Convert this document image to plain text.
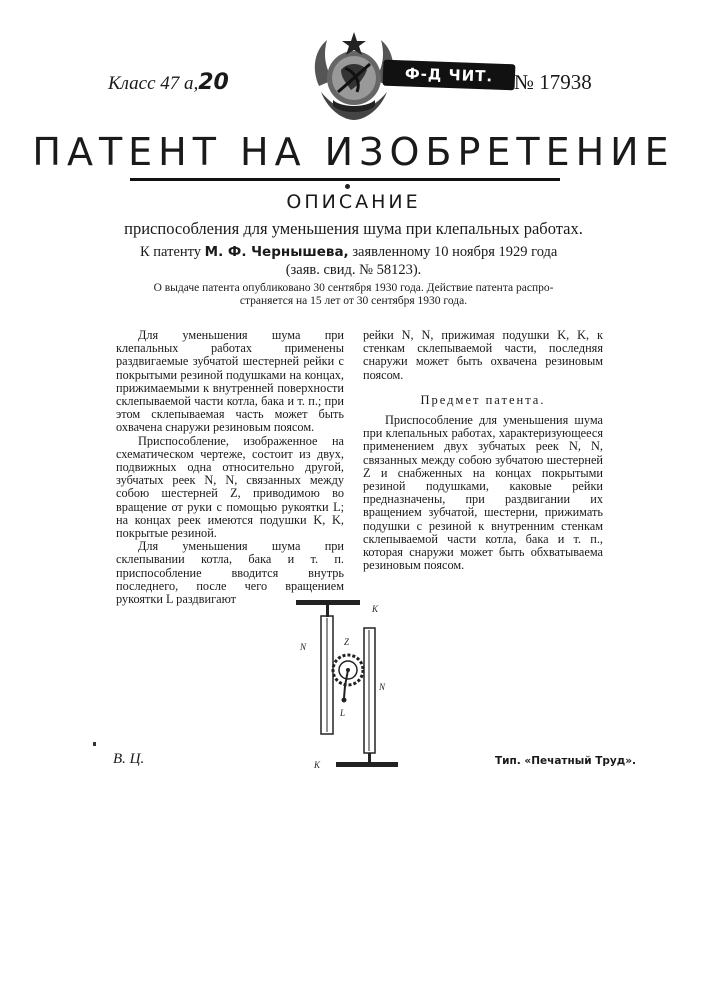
Ф-Д ЧИТ. ЗАЛА
Класс 47 а,20	№ 17938
ПАТЕНТ НА ИЗОБРЕТЕНИЕ
ОПИСАНИЕ
приспособления для уменьшения шума при клепальных работах.
К патенту М. Ф. Чернышева, заявленному 10 ноября 1929 года
(заяв. свид. № 58123).
О выдаче патента опубликовано 30 сентября 1930 года. Действие патента распро-
страняется на 15 лет от 30 сентября 1930 года.

Для уменьшения шума при клепальных работах применены раздвигаемые зубчатой шестерней рейки с покрытыми резиной подушками на концах, прижимаемыми к внутренней поверхности склепываемой части котла, бака и т. п.; при этом склепываемая часть может быть охвачена снаружи резиновым поясом.

Приспособление, изображенное на схематическом чертеже, состоит из двух, подвижных одна относительно другой, зубчатых реек N, N, связанных между собою шестерней Z, приводимою во вращение от руки с помощью рукоятки L; на концах реек имеются подушки K, K, покрытые резиной.

Для уменьшения шума при склепывании котла, бака и т. п. приспособление вводится внутрь последнего, после чего вращением рукоятки L раздвигают

рейки N, N, прижимая подушки K, K, к стенкам склепываемой части, последняя снаружи может быть охвачена резиновым поясом.

Предмет патента.

Приспособление для уменьшения шума при клепальных работах, характеризующееся применением двух зубчатых реек N, N, связанных между собою зубчатою шестерней Z и снабженных на концах покрытыми резиной подушками, каковые рейки предназначены, при раздвигании их вращением зубчатой, шестерни, прижимать подушки с резиной к внутренним стенкам склепываемой части котла, бака и т. п., которая снаружи может быть обхватываема резиновым поясом.

K
N	Z
N
L
K
В. Ц.	Тип. «Печатный Труд».
